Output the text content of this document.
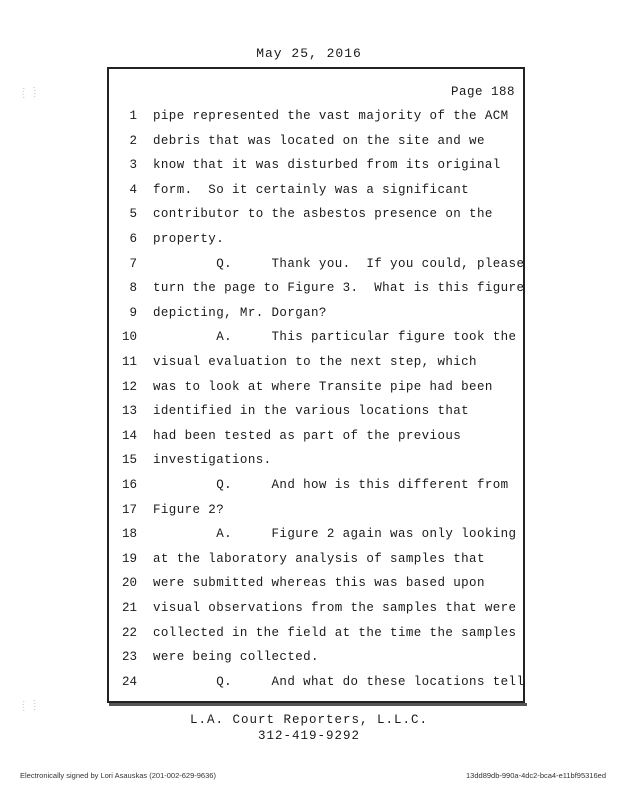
May 25, 2016
Page 188
1 pipe represented the vast majority of the ACM
2 debris that was located on the site and we
3 know that it was disturbed from its original
4 form.  So it certainly was a significant
5 contributor to the asbestos presence on the
6 property.
7 Q.     Thank you.  If you could, please
8 turn the page to Figure 3.  What is this figure
9 depicting, Mr. Dorgan?
10 A.     This particular figure took the
11 visual evaluation to the next step, which
12 was to look at where Transite pipe had been
13 identified in the various locations that
14 had been tested as part of the previous
15 investigations.
16 Q.     And how is this different from
17 Figure 2?
18 A.     Figure 2 again was only looking
19 at the laboratory analysis of samples that
20 were submitted whereas this was based upon
21 visual observations from the samples that were
22 collected in the field at the time the samples
23 were being collected.
24 Q.     And what do these locations tell
L.A. Court Reporters, L.L.C.
312-419-9292
Electronically signed by Lori Asauskas (201-002-629-9636)	13dd89db-990a-4dc2-bca4-e11bf95316ed
